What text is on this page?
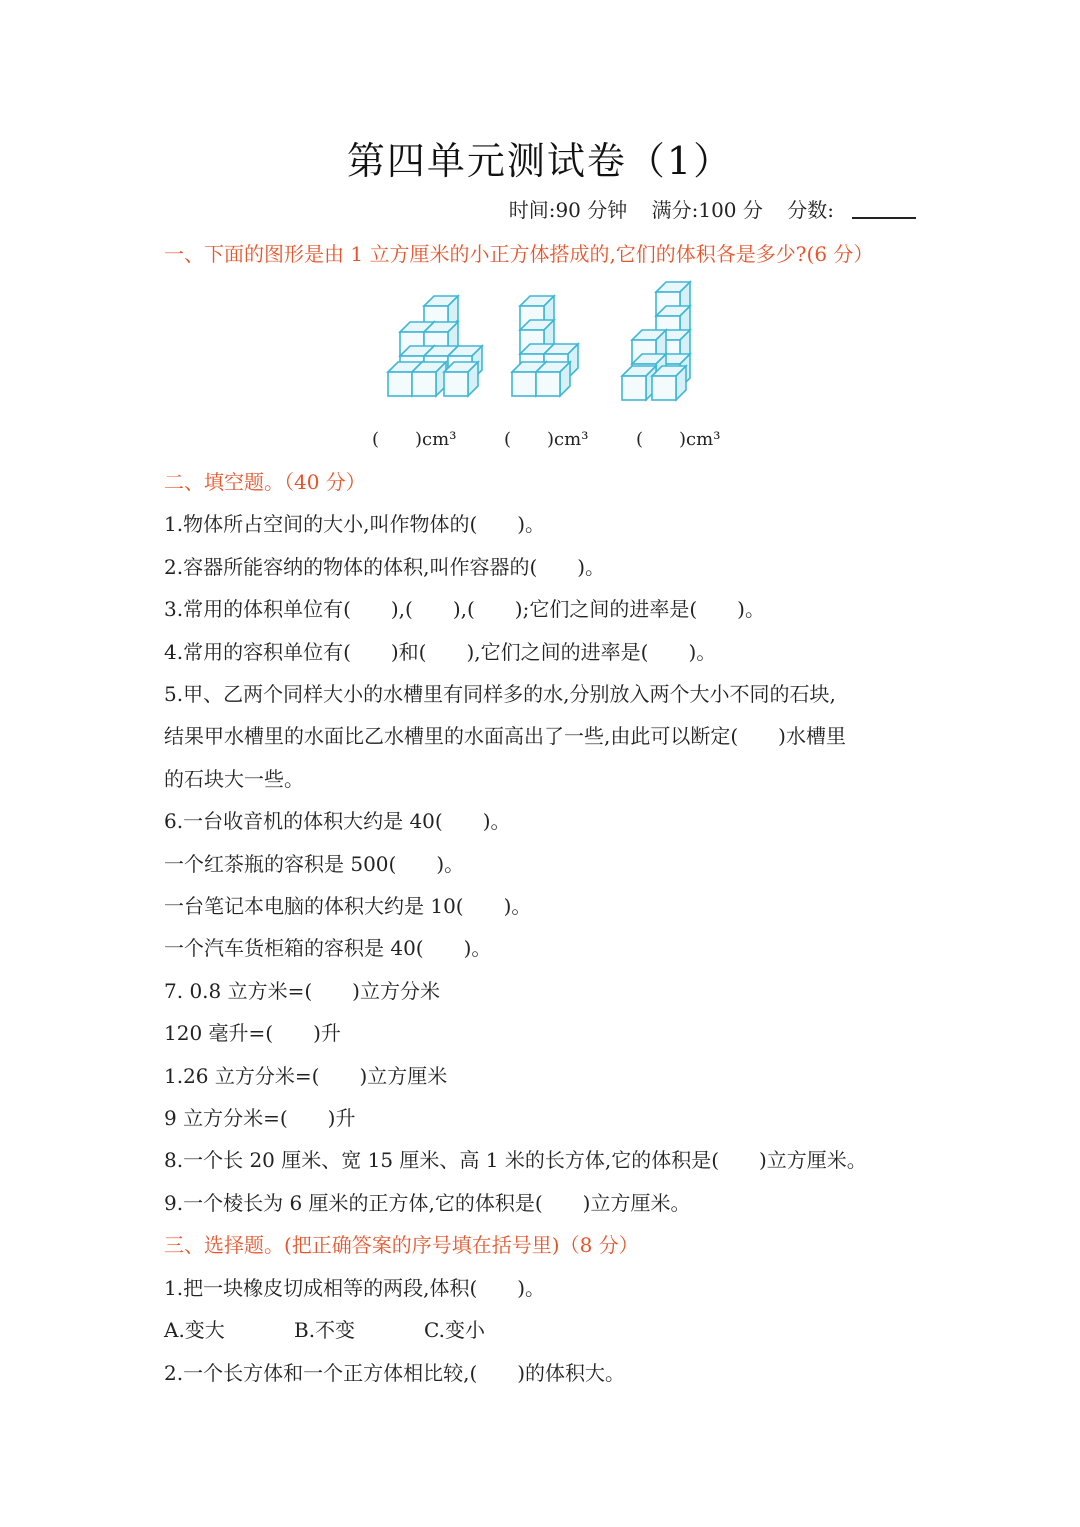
第四单元测试卷（1）
时间:90 分钟 满分:100 分 分数:
一、下面的图形是由 1 立方厘米的小正方体搭成的,它们的体积各是多少?(6 分）
(　　)cm³	(　　)cm³	(　　)cm³
二、填空题。（40 分）
1.物体所占空间的大小,叫作物体的(　　)。
2.容器所能容纳的物体的体积,叫作容器的(　　)。
3.常用的体积单位有(　　),(　　),(　　);它们之间的进率是(　　)。
4.常用的容积单位有(　　)和(　　),它们之间的进率是(　　)。
5.甲、乙两个同样大小的水槽里有同样多的水,分别放入两个大小不同的石块,
结果甲水槽里的水面比乙水槽里的水面高出了一些,由此可以断定(　　)水槽里
的石块大一些。
6.一台收音机的体积大约是 40(　　)。
一个红茶瓶的容积是 500(　　)。
一台笔记本电脑的体积大约是 10(　　)。
一个汽车货柜箱的容积是 40(　　)。
7. 0.8 立方米=(　　)立方分米
120 毫升=(　　)升
1.26 立方分米=(　　)立方厘米
9 立方分米=(　　)升
8.一个长 20 厘米、宽 15 厘米、高 1 米的长方体,它的体积是(　　)立方厘米。
9.一个棱长为 6 厘米的正方体,它的体积是(　　)立方厘米。
三、选择题。(把正确答案的序号填在括号里)（8 分）
1.把一块橡皮切成相等的两段,体积(　　)。
A.变大	B.不变	C.变小
2.一个长方体和一个正方体相比较,(　　)的体积大。
